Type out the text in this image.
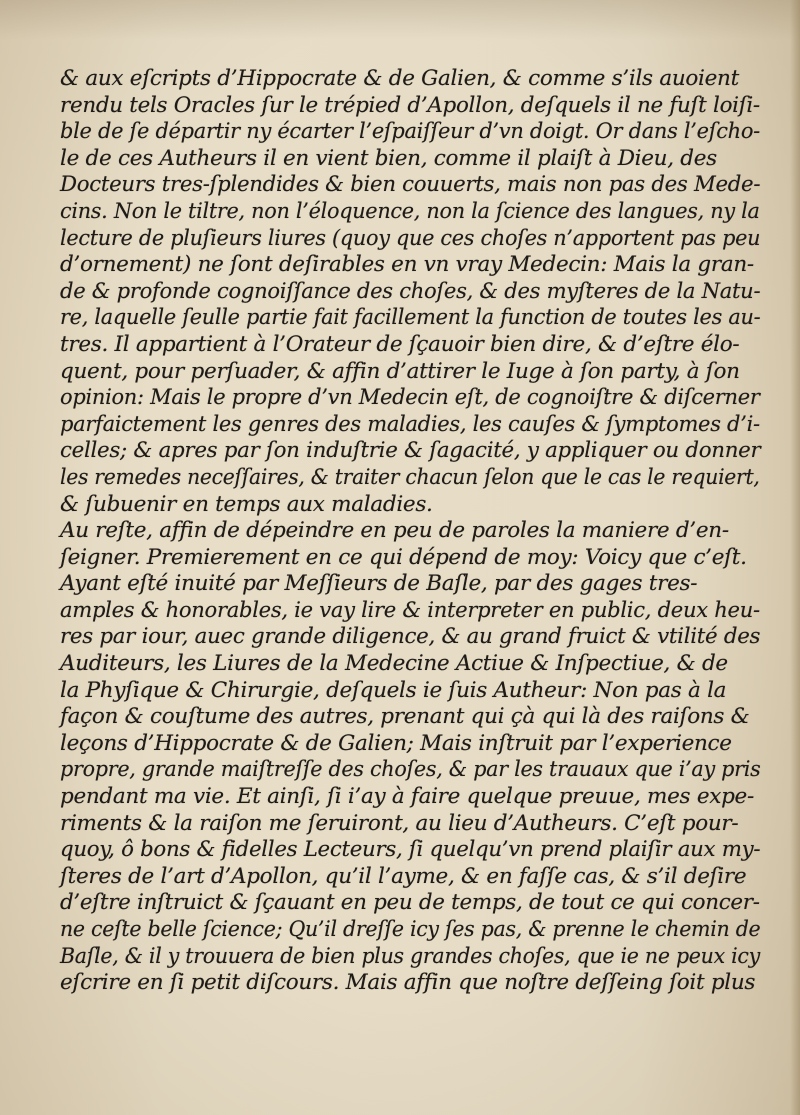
& aux eſcripts d’Hippocrate & de Galien, & comme s’ils auoient
rendu tels Oracles ſur le trépied d’Apollon, deſquels il ne fuſt loiſi-
ble de ſe départir ny écarter l’eſpaiſſeur d’vn doigt. Or dans l’eſcho-
le de ces Autheurs il en vient bien, comme il plaiſt à Dieu, des
Docteurs tres-ſplendides & bien couuerts, mais non pas des Mede-
cins. Non le tiltre, non l’éloquence, non la ſcience des langues, ny la
lecture de pluſieurs liures (quoy que ces choſes n’apportent pas peu
d’ornement) ne ſont deſirables en vn vray Medecin: Mais la gran-
de & profonde cognoiſſance des choſes, & des myſteres de la Natu-
re, laquelle ſeulle partie fait facillement la function de toutes les au-
tres. Il appartient à l’Orateur de ſçauoir bien dire, & d’eſtre élo-
quent, pour perſuader, & affin d’attirer le Iuge à ſon party, à ſon
opinion: Mais le propre d’vn Medecin eſt, de cognoiſtre & diſcerner
parfaictement les genres des maladies, les cauſes & ſymptomes d’i-
celles; & apres par ſon induſtrie & ſagacité, y appliquer ou donner
les remedes neceſſaires, & traiter chacun ſelon que le cas le requiert,
& ſubuenir en temps aux maladies.
Au reſte, affin de dépeindre en peu de paroles la maniere d’en-
ſeigner. Premierement en ce qui dépend de moy: Voicy que c’eſt.
Ayant eſté inuité par Meſſieurs de Baſle, par des gages tres-
amples & honorables, ie vay lire & interpreter en public, deux heu-
res par iour, auec grande diligence, & au grand fruict & vtilité des
Auditeurs, les Liures de la Medecine Actiue & Inſpectiue, & de
la Phyſique & Chirurgie, deſquels ie ſuis Autheur: Non pas à la
façon & couſtume des autres, prenant qui çà qui là des raiſons &
leçons d’Hippocrate & de Galien; Mais inſtruit par l’experience
propre, grande maiſtreſſe des choſes, & par les trauaux que i’ay pris
pendant ma vie. Et ainſi, ſi i’ay à faire quelque preuue, mes expe-
riments & la raiſon me ſeruiront, au lieu d’Autheurs. C’eſt pour-
quoy, ô bons & fidelles Lecteurs, ſi quelqu’vn prend plaiſir aux my-
ſteres de l’art d’Apollon, qu’il l’ayme, & en faſſe cas, & s’il deſire
d’eſtre inſtruict & ſçauant en peu de temps, de tout ce qui concer-
ne ceſte belle ſcience; Qu’il dreſſe icy ſes pas, & prenne le chemin de
Baſle, & il y trouuera de bien plus grandes choſes, que ie ne peux icy
eſcrire en ſi petit diſcours. Mais affin que noſtre deſſeing ſoit plus
